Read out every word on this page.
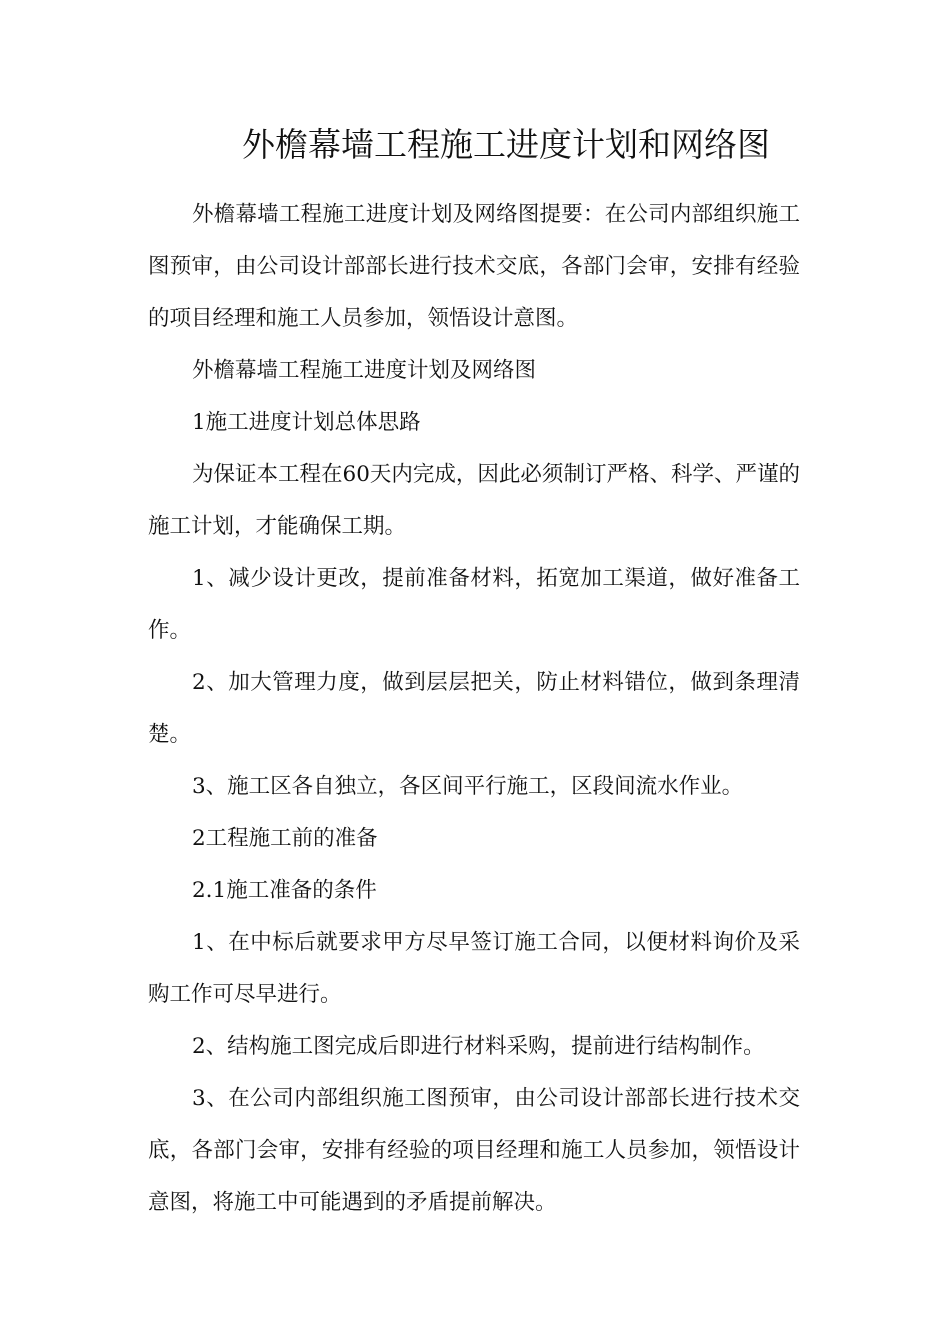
外檐幕墙工程施工进度计划和网络图

外檐幕墙工程施工进度计划及网络图提要：在公司内部组织施工图预审，由公司设计部部长进行技术交底，各部门会审，安排有经验的项目经理和施工人员参加，领悟设计意图。

外檐幕墙工程施工进度计划及网络图

1施工进度计划总体思路

为保证本工程在60天内完成，因此必须制订严格、科学、严谨的施工计划，才能确保工期。

1、减少设计更改，提前准备材料，拓宽加工渠道，做好准备工作。

2、加大管理力度，做到层层把关，防止材料错位，做到条理清楚。

3、施工区各自独立，各区间平行施工，区段间流水作业。

2工程施工前的准备

2.1施工准备的条件

1、在中标后就要求甲方尽早签订施工合同，以便材料询价及采购工作可尽早进行。

2、结构施工图完成后即进行材料采购，提前进行结构制作。

3、在公司内部组织施工图预审，由公司设计部部长进行技术交底，各部门会审，安排有经验的项目经理和施工人员参加，领悟设计意图，将施工中可能遇到的矛盾提前解决。
